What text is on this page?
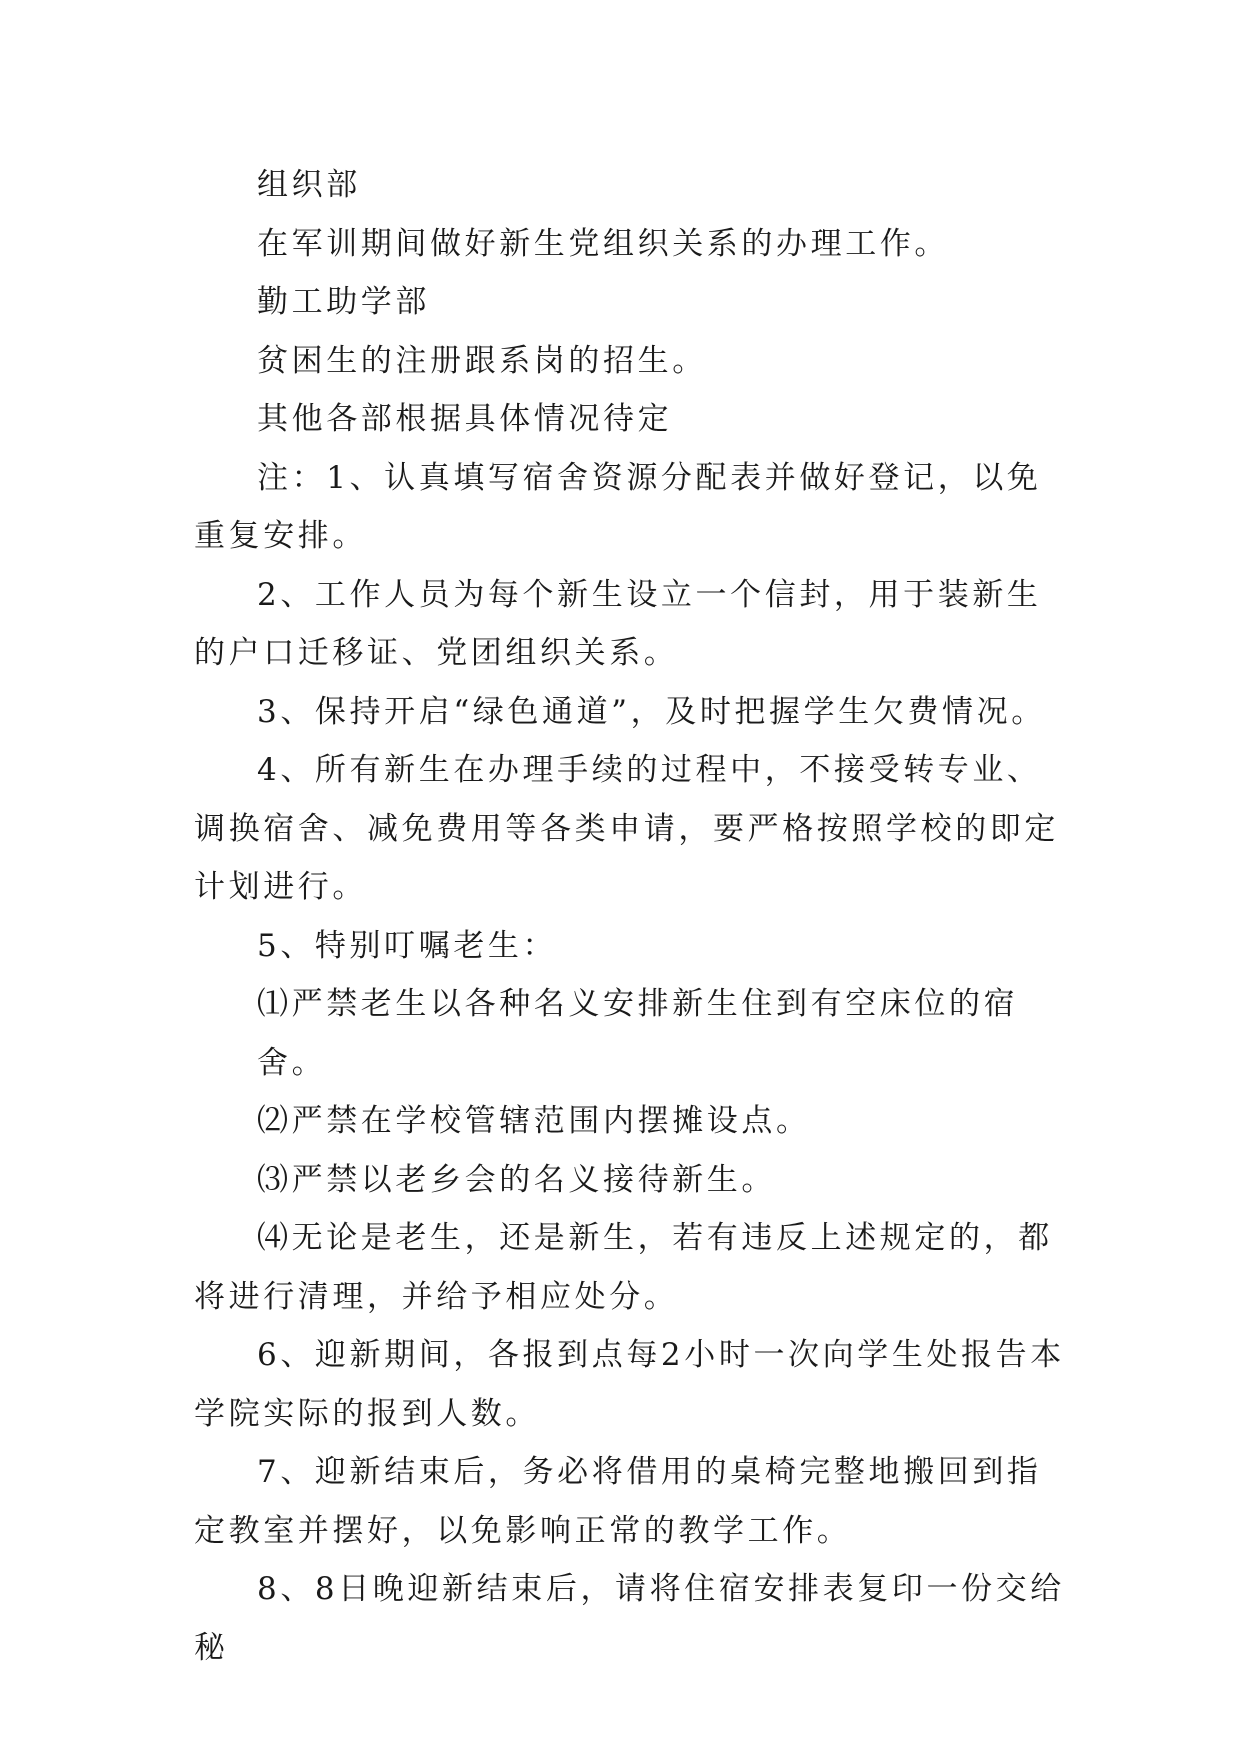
组织部

在军训期间做好新生党组织关系的办理工作。

勤工助学部

贫困生的注册跟系岗的招生。

其他各部根据具体情况待定

注：1、认真填写宿舍资源分配表并做好登记，以免重复安排。

2、工作人员为每个新生设立一个信封，用于装新生的户口迁移证、党团组织关系。

3、保持开启“绿色通道”，及时把握学生欠费情况。

4、所有新生在办理手续的过程中，不接受转专业、调换宿舍、减免费用等各类申请，要严格按照学校的即定计划进行。

5、特别叮嘱老生：

⑴严禁老生以各种名义安排新生住到有空床位的宿舍。

⑵严禁在学校管辖范围内摆摊设点。

⑶严禁以老乡会的名义接待新生。

⑷无论是老生，还是新生，若有违反上述规定的，都将进行清理，并给予相应处分。

6、迎新期间，各报到点每2小时一次向学生处报告本学院实际的报到人数。

7、迎新结束后，务必将借用的桌椅完整地搬回到指定教室并摆好，以免影响正常的教学工作。

8、8日晚迎新结束后，请将住宿安排表复印一份交给秘
